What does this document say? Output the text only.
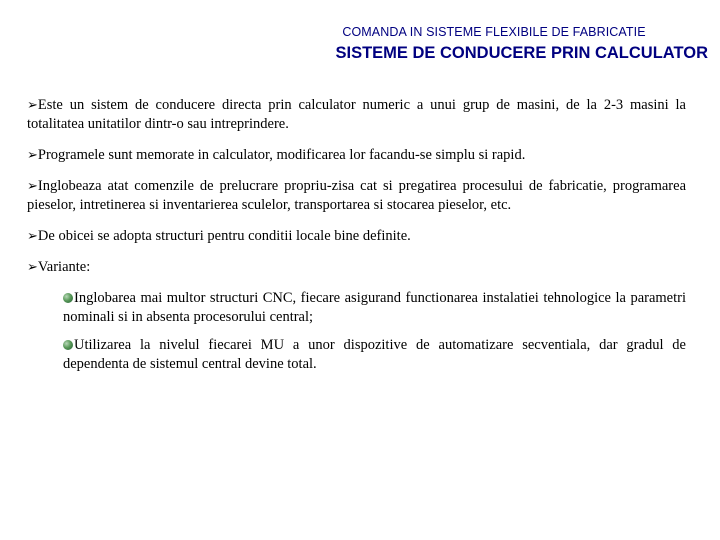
COMANDA IN SISTEME FLEXIBILE DE FABRICATIE
SISTEME DE CONDUCERE PRIN CALCULATOR
➢Este un sistem de conducere directa prin calculator numeric a unui grup de masini, de la 2-3 masini la totalitatea unitatilor dintr-o sau intreprindere.
➢Programele sunt memorate in calculator, modificarea lor facandu-se simplu si rapid.
➢Inglobeaza atat comenzile de prelucrare propriu-zisa cat si pregatirea procesului de fabricatie, programarea pieselor, intretinerea si inventarierea sculelor, transportarea si stocarea pieselor, etc.
➢De obicei se adopta structuri pentru conditii locale bine definite.
➢Variante:
Inglobarea mai multor structuri CNC, fiecare asigurand functionarea instalatiei tehnologice la parametri nominali si in absenta procesorului central;
Utilizarea la nivelul fiecarei MU a unor dispozitive de automatizare secventiala, dar gradul de dependenta de sistemul central devine total.
